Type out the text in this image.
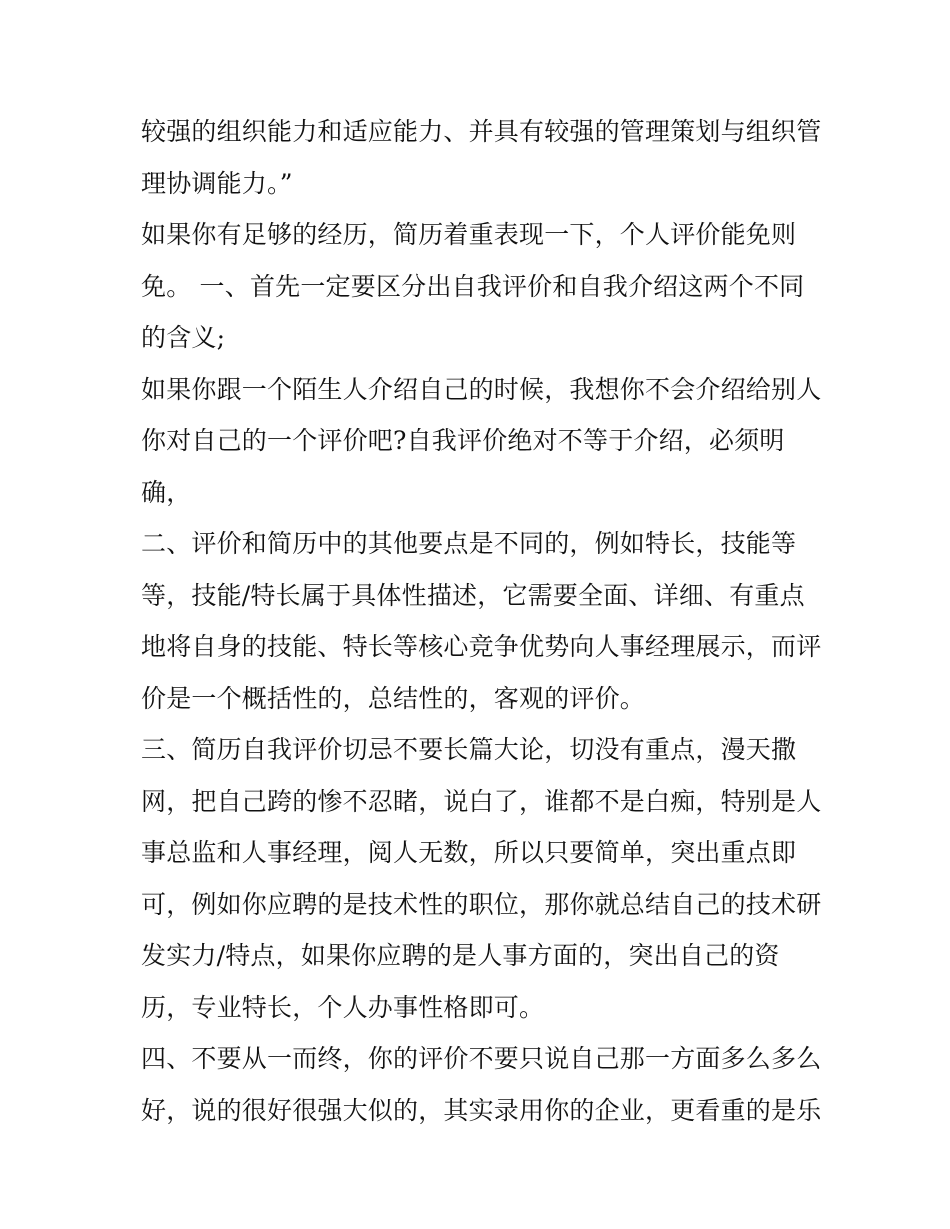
较强的组织能力和适应能力、并具有较强的管理策划与组织管
理协调能力。”
如果你有足够的经历，简历着重表现一下，个人评价能免则
免。 一、首先一定要区分出自我评价和自我介绍这两个不同
的含义;
如果你跟一个陌生人介绍自己的时候，我想你不会介绍给别人
你对自己的一个评价吧?自我评价绝对不等于介绍，必须明
确，
二、评价和简历中的其他要点是不同的，例如特长，技能等
等，技能/特长属于具体性描述，它需要全面、详细、有重点
地将自身的技能、特长等核心竞争优势向人事经理展示，而评
价是一个概括性的，总结性的，客观的评价。
三、简历自我评价切忌不要长篇大论，切没有重点，漫天撒
网，把自己跨的惨不忍睹，说白了，谁都不是白痴，特别是人
事总监和人事经理，阅人无数，所以只要简单，突出重点即
可，例如你应聘的是技术性的职位，那你就总结自己的技术研
发实力/特点，如果你应聘的是人事方面的，突出自己的资
历，专业特长，个人办事性格即可。
四、不要从一而终，你的评价不要只说自己那一方面多么多么
好，说的很好很强大似的，其实录用你的企业，更看重的是乐
